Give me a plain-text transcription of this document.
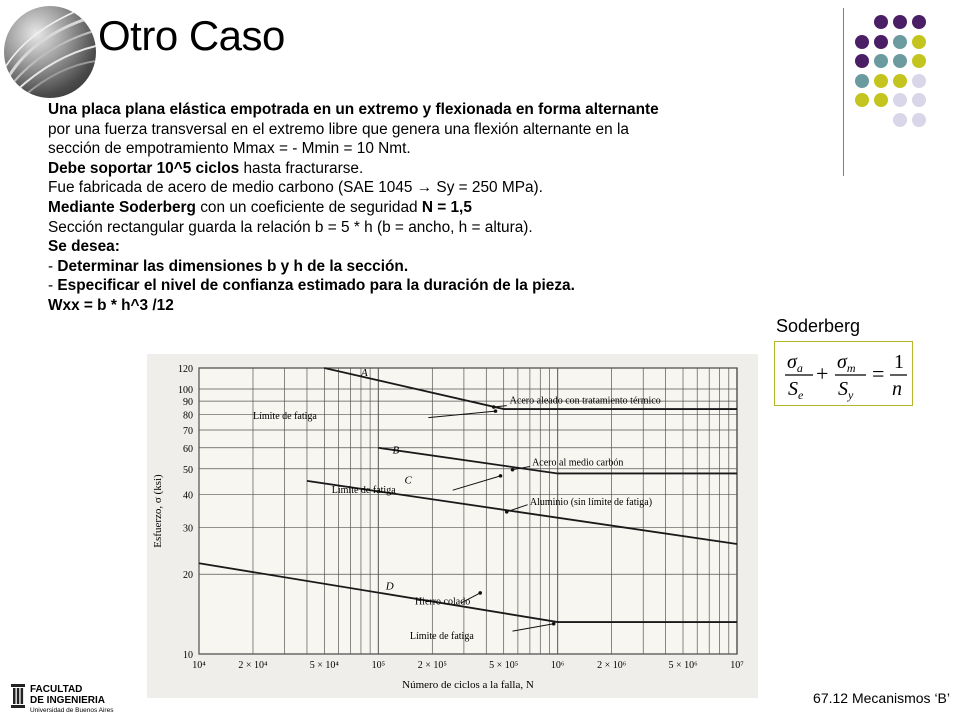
Otro Caso
Una placa plana elástica empotrada en un extremo y flexionada en forma alternante
por una fuerza transversal en el extremo libre que genera una flexión alternante en la
sección de empotramiento Mmax = - Mmin = 10 Nmt.
Debe soportar 10^5 ciclos hasta fracturarse.
Fue fabricada de acero de medio carbono (SAE 1045 → Sy = 250 MPa).
Mediante Soderberg con un coeficiente de seguridad N = 1,5
Sección rectangular guarda la relación b = 5 * h (b = ancho, h = altura).
Se desea:
- Determinar las dimensiones b y h de la sección.
- Especificar el nivel de confianza estimado para la duración de la pieza.
Wxx = b * h^3 /12
Soderberg
$\sigma_a$
$S_e$
+ $\sigma_m$
$S_y$
= 1
n
10
20
30
40
50
60
70
80
90
100
120
10⁴	2 × 10⁴	5 × 10⁴	10⁵	2 × 10⁵	5 × 10⁵	10⁶	2 × 10⁶	5 × 10⁶	10⁷
Número de ciclos a la falla, N
Esfuerzo, σ (ksi)
A
B
C
D
Acero aleado con tratamiento térmico
Acero al medio carbón
Aluminio (sin límite de fatiga)
Hierro colado
Límite de fatiga
Límite de fatiga
Límite de fatiga
FACULTAD
DE INGENIERIA
Universidad de Buenos Aires
67.12 Mecanismos ‘B’
